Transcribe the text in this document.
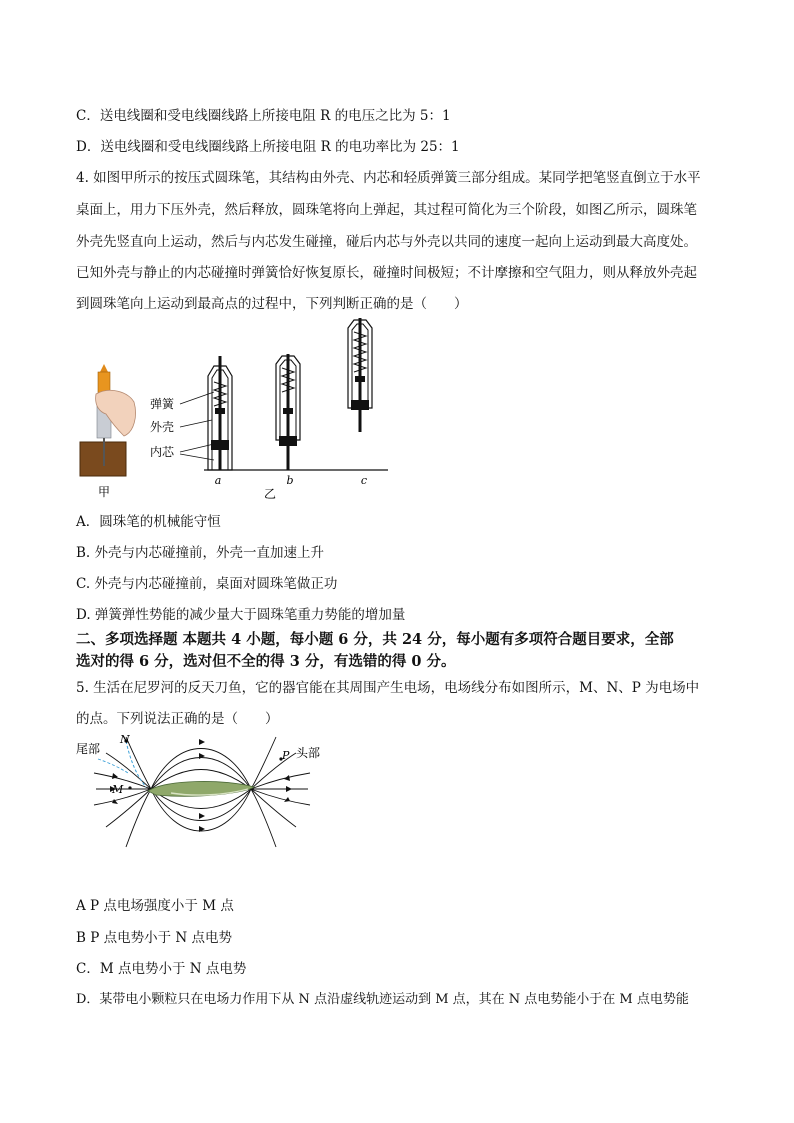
C．送电线圈和受电线圈线路上所接电阻 R 的电压之比为 5：1
D．送电线圈和受电线圈线路上所接电阻 R 的电功率比为 25：1
4. 如图甲所示的按压式圆珠笔，其结构由外壳、内芯和轻质弹簧三部分组成。某同学把笔竖直倒立于水平
桌面上，用力下压外壳，然后释放，圆珠笔将向上弹起，其过程可简化为三个阶段，如图乙所示，圆珠笔
外壳先竖直向上运动，然后与内芯发生碰撞，碰后内芯与外壳以共同的速度一起向上运动到最大高度处。
已知外壳与静止的内芯碰撞时弹簧恰好恢复原长，碰撞时间极短；不计摩擦和空气阻力，则从释放外壳起
到圆珠笔向上运动到最高点的过程中，下列判断正确的是（　　）
甲
a	b	c
弹簧
外壳
内芯
乙
A．圆珠笔的机械能守恒
B. 外壳与内芯碰撞前，外壳一直加速上升
C. 外壳与内芯碰撞前，桌面对圆珠笔做正功
D. 弹簧弹性势能的减少量大于圆珠笔重力势能的增加量
二、多项选择题 本题共 4 小题，每小题 6 分，共 24 分，每小题有多项符合题目要求，全部
选对的得 6 分，选对但不全的得 3 分，有选错的得 0 分。
5. 生活在尼罗河的反天刀鱼，它的器官能在其周围产生电场，电场线分布如图所示，M、N、P 为电场中
的点。下列说法正确的是（　　）
尾部
N
M
P 头部
A P 点电场强度小于 M 点
B P 点电势小于 N 点电势
C．M 点电势小于 N 点电势
D．某带电小颗粒只在电场力作用下从 N 点沿虚线轨迹运动到 M 点，其在 N 点电势能小于在 M 点电势能
